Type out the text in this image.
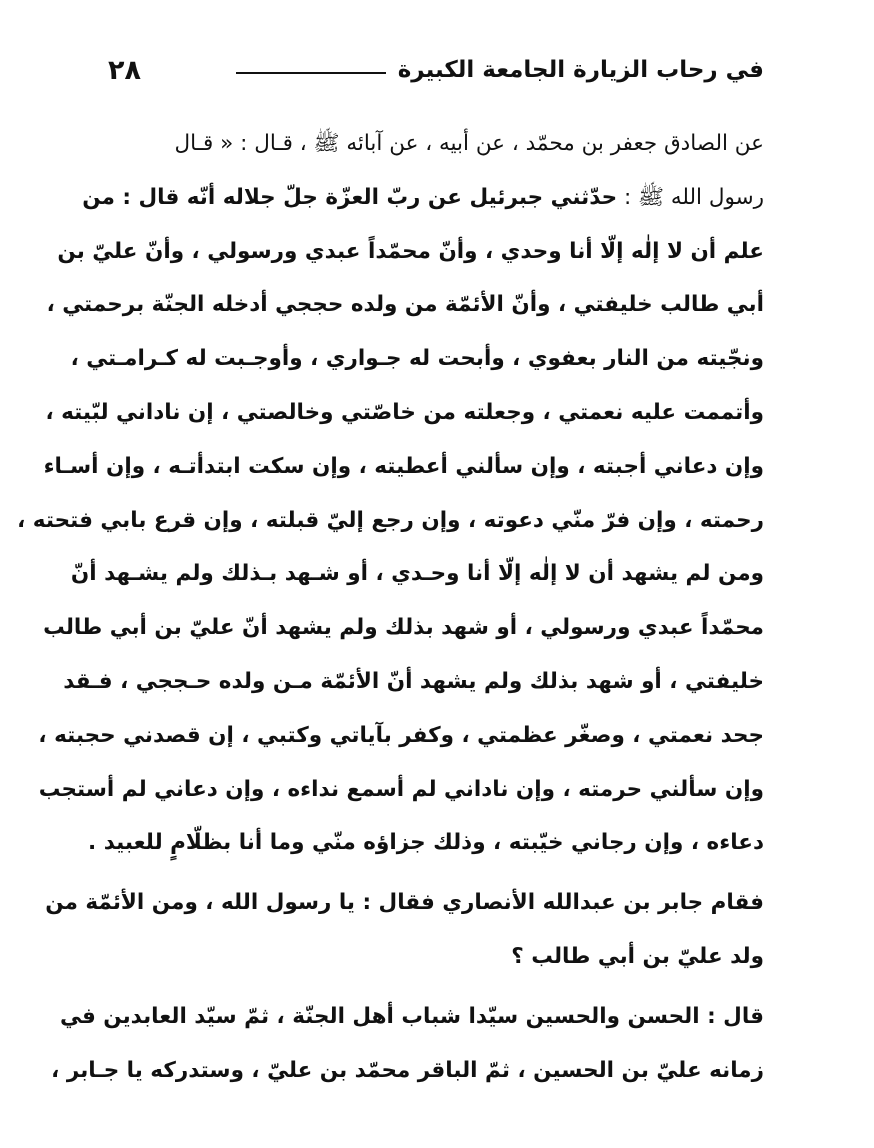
في رحاب الزيارة الجامعة الكبيرة
٢٨

عن الصادق جعفر بن محمّد ، عن أبيه ، عن آبائه ﷺ ، قـال : « قـال
رسول الله ﷺ : حدّثني جبرئيل عن ربّ العزّة جلّ جلاله أنّه قال : من
علم أن لا إلٰه إلّا أنا وحدي ، وأنّ محمّداً عبدي ورسولي ، وأنّ عليّ بن
أبي طالب خليفتي ، وأنّ الأئمّة من ولده حججي أدخله الجنّة برحمتي ،
ونجّيته من النار بعفوي ، وأبحت له جـواري ، وأوجـبت له كـرامـتي ،
وأتممت عليه نعمتي ، وجعلته من خاصّتي وخالصتي ، إن ناداني لبّيته ،
وإن دعاني أجبته ، وإن سألني أعطيته ، وإن سكت ابتدأتـه ، وإن أسـاء
رحمته ، وإن فرّ منّي دعوته ، وإن رجع إليّ قبلته ، وإن قرع بابي فتحته ،
ومن لم يشهد أن لا إلٰه إلّا أنا وحـدي ، أو شـهد بـذلك ولم يشـهد أنّ
محمّداً عبدي ورسولي ، أو شهد بذلك ولم يشهد أنّ عليّ بن أبي طالب
خليفتي ، أو شهد بذلك ولم يشهد أنّ الأئمّة مـن ولده حـججي ، فـقد
جحد نعمتي ، وصغّر عظمتي ، وكفر بآياتي وكتبي ، إن قصدني حجبته ،
وإن سألني حرمته ، وإن ناداني لم أسمع نداءه ، وإن دعاني لم أستجب
دعاءه ، وإن رجاني خيّبته ، وذلك جزاؤه منّي وما أنا بظلّامٍ للعبيد .

فقام جابر بن عبدالله الأنصاري فقال : يا رسول الله ، ومن الأئمّة من
ولد عليّ بن أبي طالب ؟

قال : الحسن والحسين سيّدا شباب أهل الجنّة ، ثمّ سيّد العابدين في
زمانه عليّ بن الحسين ، ثمّ الباقر محمّد بن عليّ ، وستدركه يا جـابر ،
